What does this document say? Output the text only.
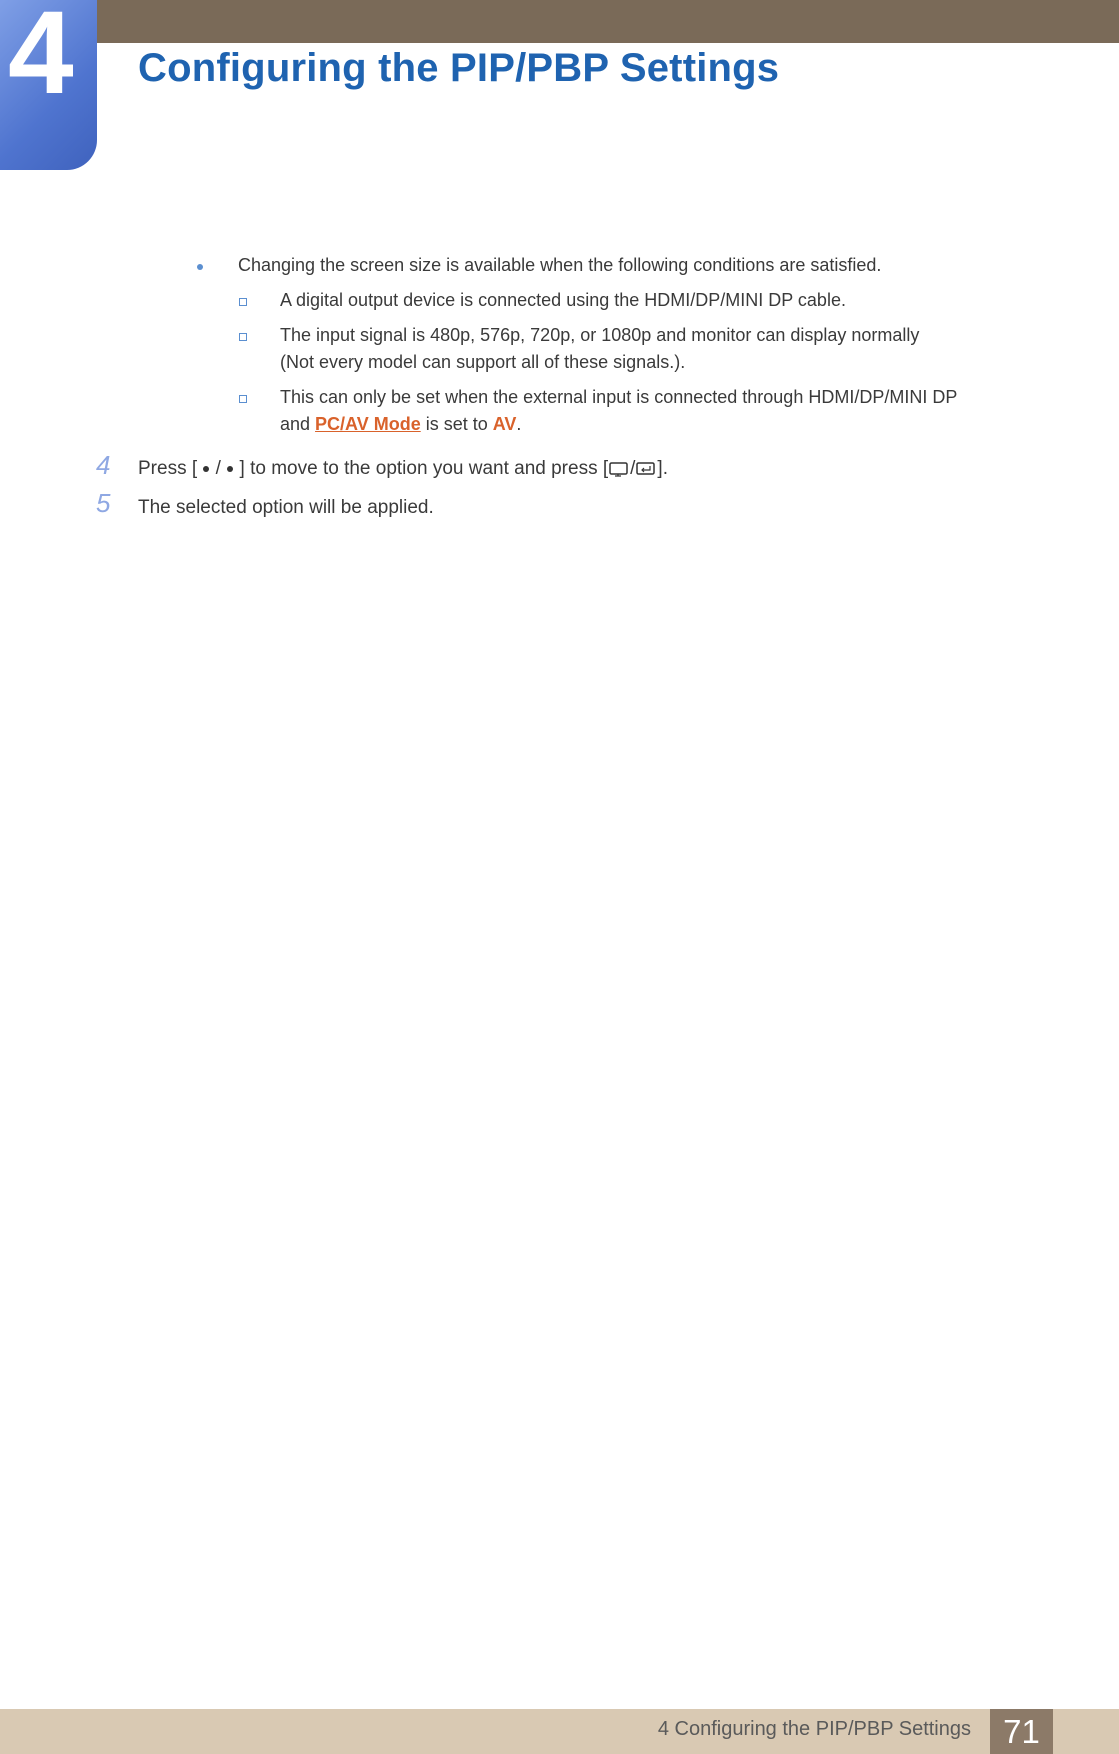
4 Configuring the PIP/PBP Settings
Changing the screen size is available when the following conditions are satisfied.
A digital output device is connected using the HDMI/DP/MINI DP cable.
The input signal is 480p, 576p, 720p, or 1080p and monitor can display normally
(Not every model can support all of these signals.).
This can only be set when the external input is connected through HDMI/DP/MINI DP
and PC/AV Mode is set to AV.
4 Press [  /  ] to move to the option you want and press [ / ].
5 The selected option will be applied.
4 Configuring the PIP/PBP Settings 71
